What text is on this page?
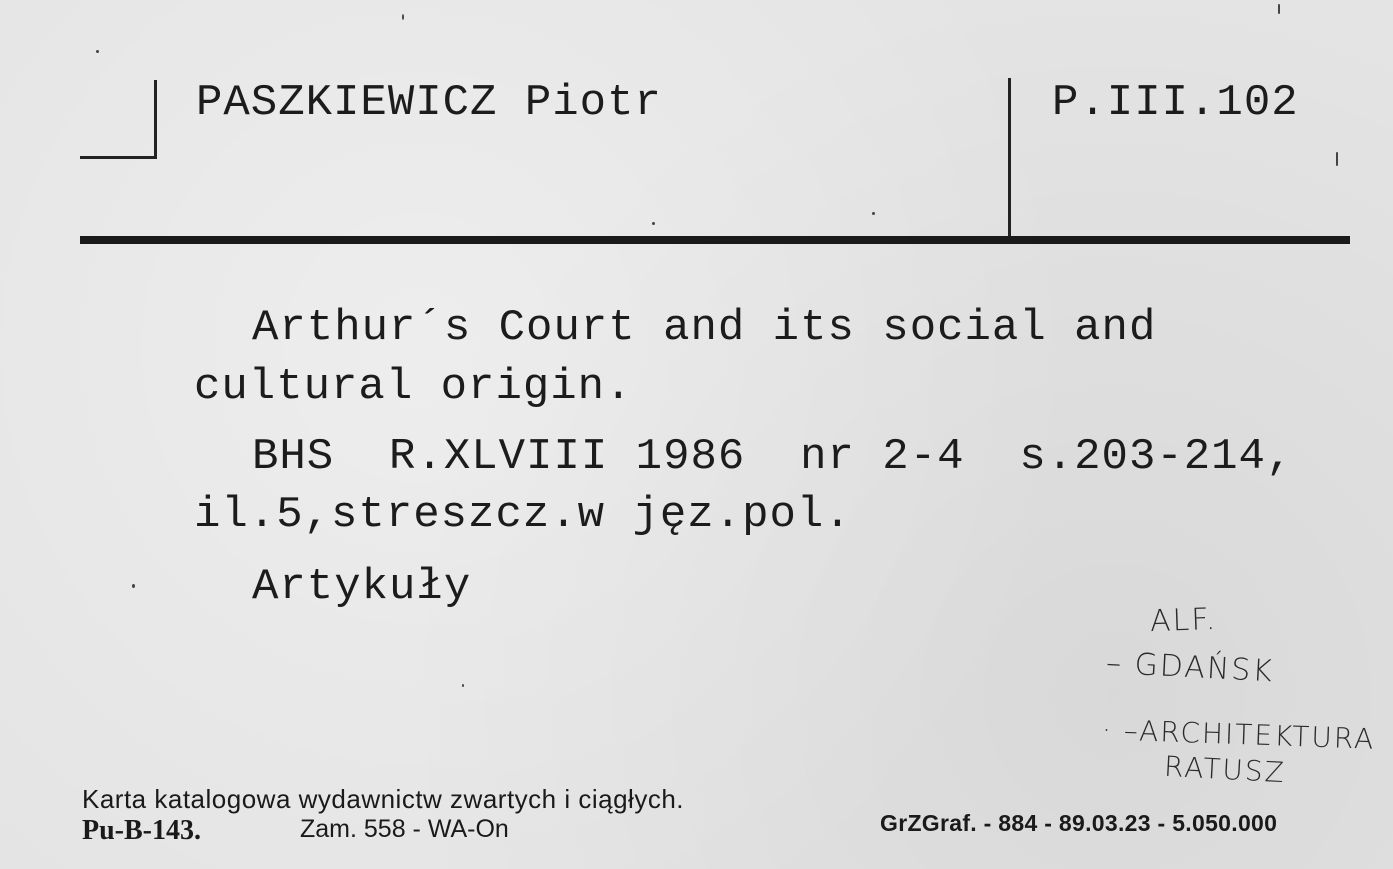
PASZKIEWICZ Piotr	P.III.102
Arthur´s Court and its social and
cultural origin.
BHS  R.XLVIII 1986  nr 2-4  s.203-214,
il.5,streszcz.w jęz.pol.
Artykuły
ALF.
– GDAŃSK
· –ARCHITEKTURA
RATUSZ
Karta katalogowa wydawnictw zwartych i ciągłych.
Pu-B-143.	Zam. 558 - WA-On	GrZGraf. - 884 - 89.03.23 - 5.050.000
